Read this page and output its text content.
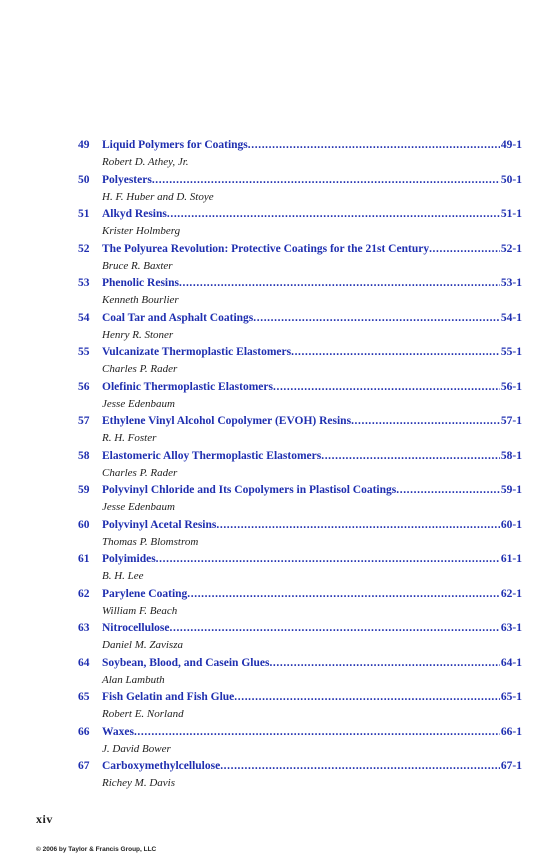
49	Liquid Polymers for Coatings .....	49-1
Robert D. Athey, Jr.
50	Polyesters .....	50-1
H. F. Huber and D. Stoye
51	Alkyd Resins .....	51-1
Krister Holmberg
52	The Polyurea Revolution: Protective Coatings for the 21st Century .....	52-1
Bruce R. Baxter
53	Phenolic Resins .....	53-1
Kenneth Bourlier
54	Coal Tar and Asphalt Coatings .....	54-1
Henry R. Stoner
55	Vulcanizate Thermoplastic Elastomers .....	55-1
Charles P. Rader
56	Olefinic Thermoplastic Elastomers .....	56-1
Jesse Edenbaum
57	Ethylene Vinyl Alcohol Copolymer (EVOH) Resins .....	57-1
R. H. Foster
58	Elastomeric Alloy Thermoplastic Elastomers .....	58-1
Charles P. Rader
59	Polyvinyl Chloride and Its Copolymers in Plastisol Coatings .....	59-1
Jesse Edenbaum
60	Polyvinyl Acetal Resins .....	60-1
Thomas P. Blomstrom
61	Polyimides .....	61-1
B. H. Lee
62	Parylene Coating .....	62-1
William F. Beach
63	Nitrocellulose .....	63-1
Daniel M. Zavisza
64	Soybean, Blood, and Casein Glues .....	64-1
Alan Lambuth
65	Fish Gelatin and Fish Glue .....	65-1
Robert E. Norland
66	Waxes .....	66-1
J. David Bower
67	Carboxymethylcellulose .....	67-1
Richey M. Davis
xiv
© 2006 by Taylor & Francis Group, LLC
